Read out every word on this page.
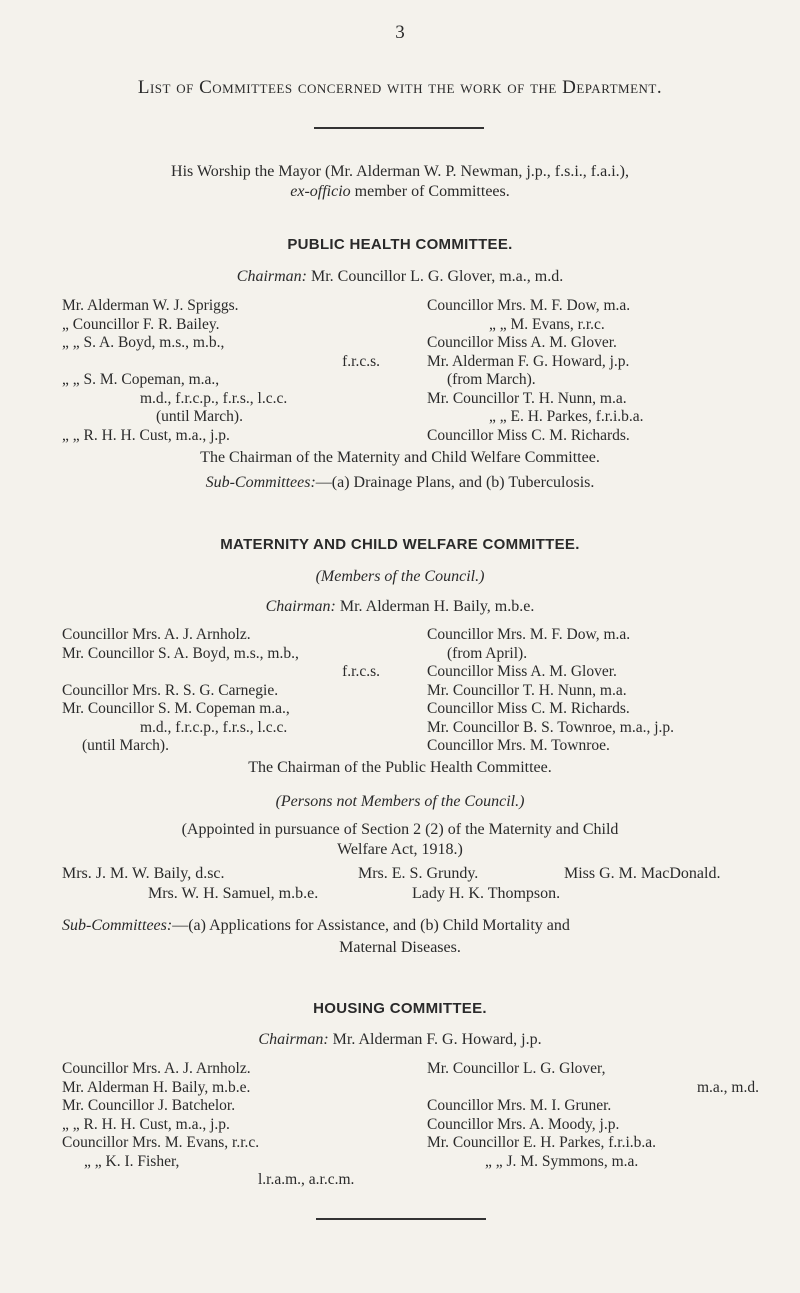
3
List of Committees concerned with the work of the Department.
His Worship the Mayor (Mr. Alderman W. P. Newman, j.p., f.s.i., f.a.i.),
ex-officio member of Committees.
PUBLIC HEALTH COMMITTEE.
Chairman: Mr. Councillor L. G. Glover, m.a., m.d.
Mr. Alderman W. J. Spriggs.
„ Councillor F. R. Bailey.
„ „ S. A. Boyd, m.s., m.b.,
f.r.c.s.
„ „ S. M. Copeman, m.a.,
m.d., f.r.c.p., f.r.s., l.c.c.
(until March).
„ „ R. H. H. Cust, m.a., j.p.
Councillor Mrs. M. F. Dow, m.a.
„ „ M. Evans, r.r.c.
Councillor Miss A. M. Glover.
Mr. Alderman F. G. Howard, j.p.
(from March).
Mr. Councillor T. H. Nunn, m.a.
„ „ E. H. Parkes, f.r.i.b.a.
Councillor Miss C. M. Richards.
The Chairman of the Maternity and Child Welfare Committee.
Sub-Committees:—(a) Drainage Plans, and (b) Tuberculosis.
MATERNITY AND CHILD WELFARE COMMITTEE.
(Members of the Council.)
Chairman: Mr. Alderman H. Baily, m.b.e.
Councillor Mrs. A. J. Arnholz.
Mr. Councillor S. A. Boyd, m.s., m.b.,
f.r.c.s.
Councillor Mrs. R. S. G. Carnegie.
Mr. Councillor S. M. Copeman m.a.,
m.d., f.r.c.p., f.r.s., l.c.c.
(until March).
Councillor Mrs. M. F. Dow, m.a.
(from April).
Councillor Miss A. M. Glover.
Mr. Councillor T. H. Nunn, m.a.
Councillor Miss C. M. Richards.
Mr. Councillor B. S. Townroe, m.a., j.p.
Councillor Mrs. M. Townroe.
The Chairman of the Public Health Committee.
(Persons not Members of the Council.)
(Appointed in pursuance of Section 2 (2) of the Maternity and Child
Welfare Act, 1918.)
Mrs. J. M. W. Baily, d.sc.	Mrs. E. S. Grundy.	Miss G. M. MacDonald.
Mrs. W. H. Samuel, m.b.e.	Lady H. K. Thompson.
Sub-Committees:—(a) Applications for Assistance, and (b) Child Mortality and
Maternal Diseases.
HOUSING COMMITTEE.
Chairman: Mr. Alderman F. G. Howard, j.p.
Councillor Mrs. A. J. Arnholz.
Mr. Alderman H. Baily, m.b.e.
Mr. Councillor J. Batchelor.
„ „ R. H. H. Cust, m.a., j.p.
Councillor Mrs. M. Evans, r.r.c.
„ „ K. I. Fisher,
l.r.a.m., a.r.c.m.
Mr. Councillor L. G. Glover,
m.a., m.d.
Councillor Mrs. M. I. Gruner.
Councillor Mrs. A. Moody, j.p.
Mr. Councillor E. H. Parkes, f.r.i.b.a.
„ „ J. M. Symmons, m.a.
